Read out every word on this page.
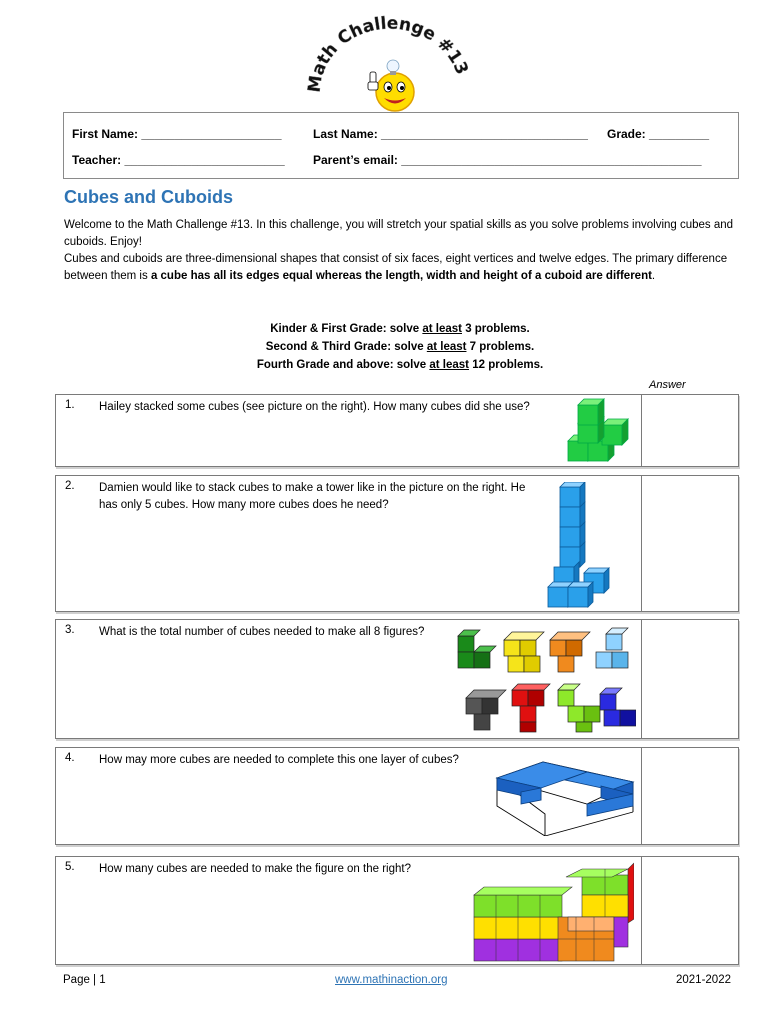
Math Challenge #13
First Name: _____________________	Last Name: _______________________________ Grade: _________
Teacher: ________________________ Parent’s email: _____________________________________________
Cubes and Cuboids
Welcome to the Math Challenge #13. In this challenge, you will stretch your spatial skills as you solve problems involving cubes and cuboids. Enjoy!
Cubes and cuboids are three-dimensional shapes that consist of six faces, eight vertices and twelve edges. The primary difference between them is a cube has all its edges equal whereas the length, width and height of a cuboid are different.
Kinder & First Grade: solve at least 3 problems.
Second & Third Grade: solve at least 7 problems.
Fourth Grade and above: solve at least 12 problems.
Answer
1. Hailey stacked some cubes (see picture on the right). How many cubes did she use?
2. Damien would like to stack cubes to make a tower like in the picture on the right. He has only 5 cubes. How many more cubes does he need?
3. What is the total number of cubes needed to make all 8 figures?
4. How may more cubes are needed to complete this one layer of cubes?
5. How many cubes are needed to make the figure on the right?
Page | 1	www.mathinaction.org	2021-2022
